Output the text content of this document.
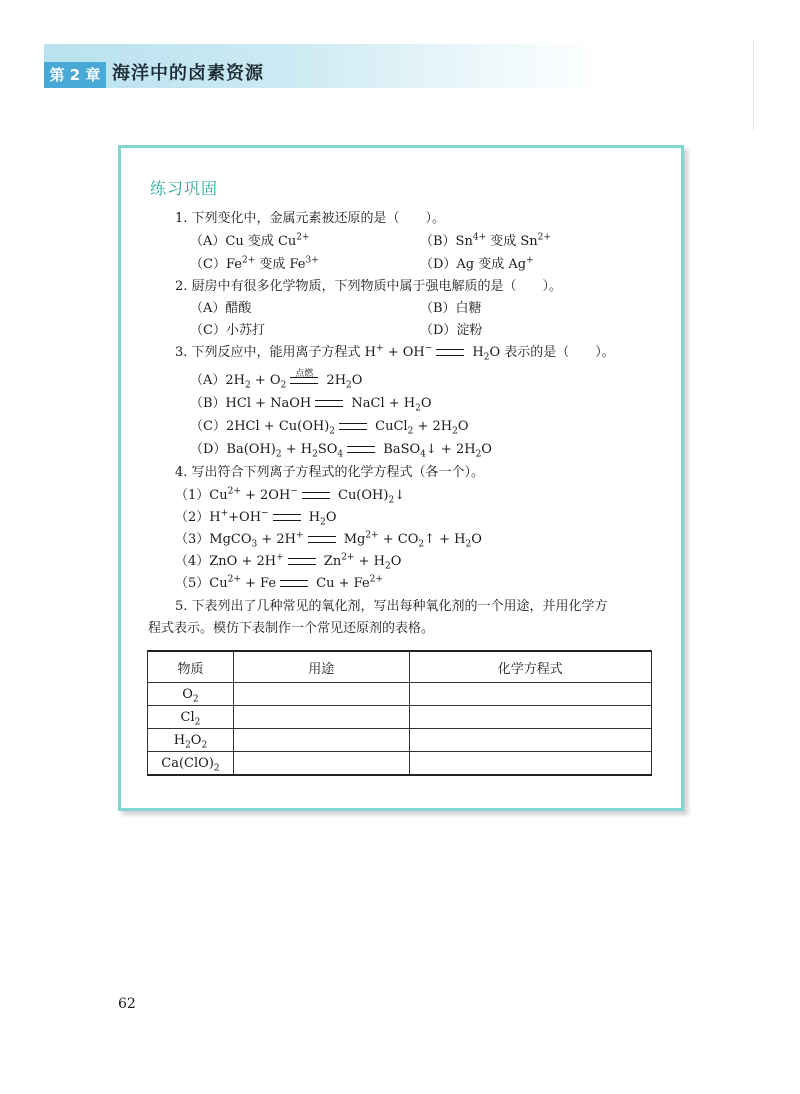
第 2 章 海洋中的卤素资源
练习巩固
1. 下列变化中，金属元素被还原的是（　　）。
（A）Cu 变成 $Cu^{2+}$	$(B)Sn^{4+}$ 变成 $Sn^{2+}$
$(C)Fe^{2+}$ 变成 $Fe^{3+}$	（D）Ag 变成 Ag+
2. 厨房中有很多化学物质，下列物质中属于强电解质的是（　　）。
（A）醋酸	（B）白糖
（C）小苏打	（D）淀粉
3. 下列反应中，能用离子方程式 H+ + OH−	$H_2O$ 表示的是（　　）。
$(A)2H_2 + O_2$
点燃 $2H_2O$
（B）HCl + NaOH	NaCl + $H_2O$
$(C)2HCl + Cu(OH)_2$	CuCl$_2$ + $2H_2O$
$(D)Ba(OH)_2 + H_2SO_4$	BaSO$_4$↓ + $2H_2O$
4. 写出符合下列离子方程式的化学方程式（各一个）。
$(1)Cu^{2+} + 2OH^-$	$Cu(OH)_2↓$
（2）H++OH−	$H_2O$
（3）MgCO$_3$ + 2H+	$Mg^{2+}$ + $CO_2↑ + H_2O$
（4）ZnO + 2H+	$Zn^{2+} + H_2O$
$(5)Cu^{2+} + Fe$	$Cu + Fe^{2+}$
5. 下表列出了几种常见的氧化剂，写出每种氧化剂的一个用途，并用化学方
程式表示。模仿下表制作一个常见还原剂的表格。
物质	用途	化学方程式
$O_2$		
$Cl_2$		
$H_2O_2$		
$Ca(ClO)_2$		
62
